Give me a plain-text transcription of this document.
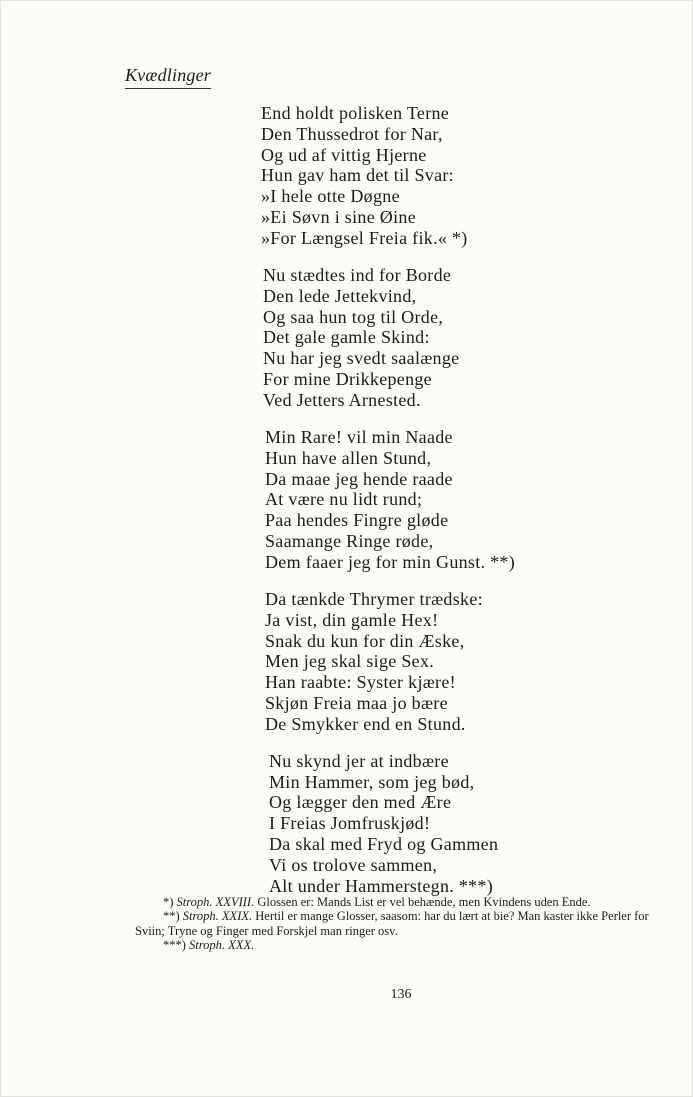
Kvædlinger
End holdt polisken Terne
Den Thussedrot for Nar,
Og ud af vittig Hjerne
Hun gav ham det til Svar:
»I hele otte Døgne
»Ei Søvn i sine Øine
»For Længsel Freia fik.« *)
Nu stædtes ind for Borde
Den lede Jettekvind,
Og saa hun tog til Orde,
Det gale gamle Skind:
Nu har jeg svedt saalænge
For mine Drikkepenge
Ved Jetters Arnested.
Min Rare! vil min Naade
Hun have allen Stund,
Da maae jeg hende raade
At være nu lidt rund;
Paa hendes Fingre gløde
Saamange Ringe røde,
Dem faaer jeg for min Gunst. **)
Da tænkde Thrymer trædske:
Ja vist, din gamle Hex!
Snak du kun for din Æske,
Men jeg skal sige Sex.
Han raabte: Syster kjære!
Skjøn Freia maa jo bære
De Smykker end en Stund.
Nu skynd jer at indbære
Min Hammer, som jeg bød,
Og lægger den med Ære
I Freias Jomfruskjød!
Da skal med Fryd og Gammen
Vi os trolove sammen,
Alt under Hammerstegn. ***)
*) Stroph. XXVIII. Glossen er: Mands List er vel behænde, men Kvindens uden Ende.
**) Stroph. XXIX. Hertil er mange Glosser, saasom: har du lært at bie? Man kaster ikke Perler for Sviin; Tryne og Finger med Forskjel man ringer osv.
***) Stroph. XXX.
136
